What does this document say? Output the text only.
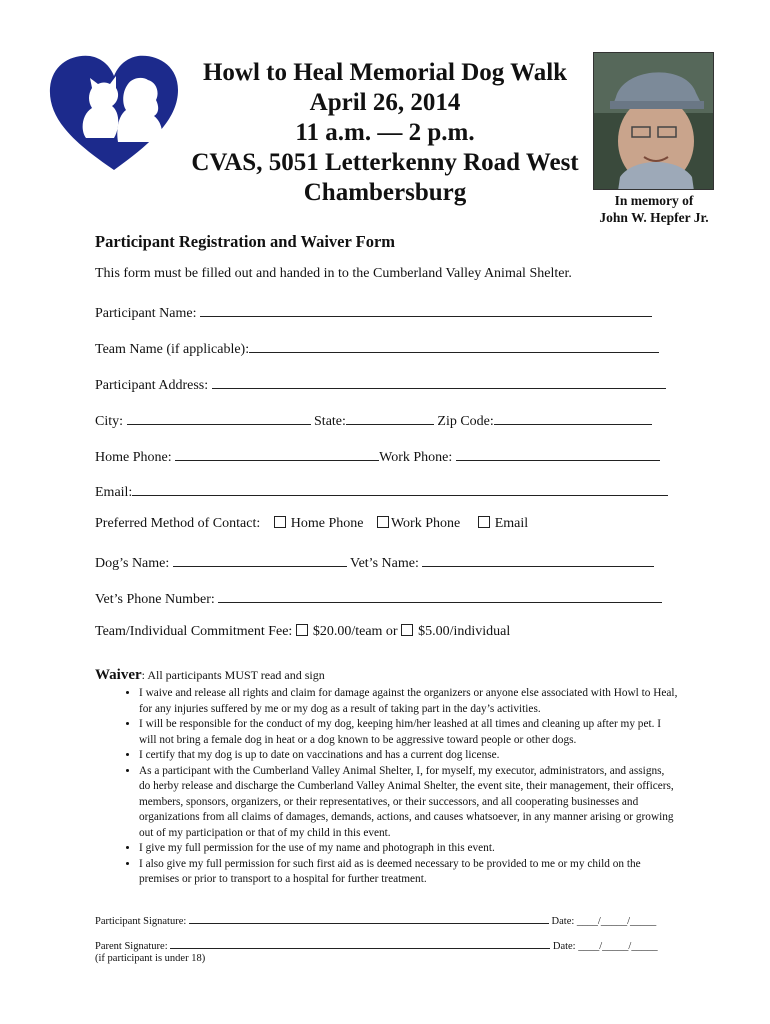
Howl to Heal Memorial Dog Walk
April 26, 2014
11 a.m. — 2 p.m.
CVAS, 5051 Letterkenny Road West
Chambersburg	In memory of
John W. Hepfer Jr.
Participant Registration and Waiver Form
This form must be filled out and handed in to the Cumberland Valley Animal Shelter.
Participant Name:
Team Name (if applicable):
Participant Address:
City:	State:	Zip Code:
Home Phone:	Work Phone:
Email:
Preferred Method of Contact: Home Phone Work Phone Email
Dog’s Name:	Vet’s Name:
Vet’s Phone Number:
Team/Individual Commitment Fee: $20.00/team or $5.00/individual
Waiver: All participants MUST read and sign
• I waive and release all rights and claim for damage against the organizers or anyone else associated with Howl to Heal, for any injuries suffered by me or my dog as a result of taking part in the day’s activities.
• I will be responsible for the conduct of my dog, keeping him/her leashed at all times and cleaning up after my pet. I will not bring a female dog in heat or a dog known to be aggressive toward people or other dogs.
• I certify that my dog is up to date on vaccinations and has a current dog license.
• As a participant with the Cumberland Valley Animal Shelter, I, for myself, my executor, administrators, and assigns, do herby release and discharge the Cumberland Valley Animal Shelter, the event site, their management, their officers, members, sponsors, organizers, or their representatives, or their successors, and all cooperating businesses and organizations from all claims of damages, demands, actions, and causes whatsoever, in any manner arising or growing out of my participation or that of my child in this event.
• I give my full permission for the use of my name and photograph in this event.
• I also give my full permission for such first aid as is deemed necessary to be provided to me or my child on the premises or prior to transport to a hospital for further treatment.
Participant Signature:	Date: ____/_____/_____
Parent Signature:	Date: ____/_____/_____
(if participant is under 18)
